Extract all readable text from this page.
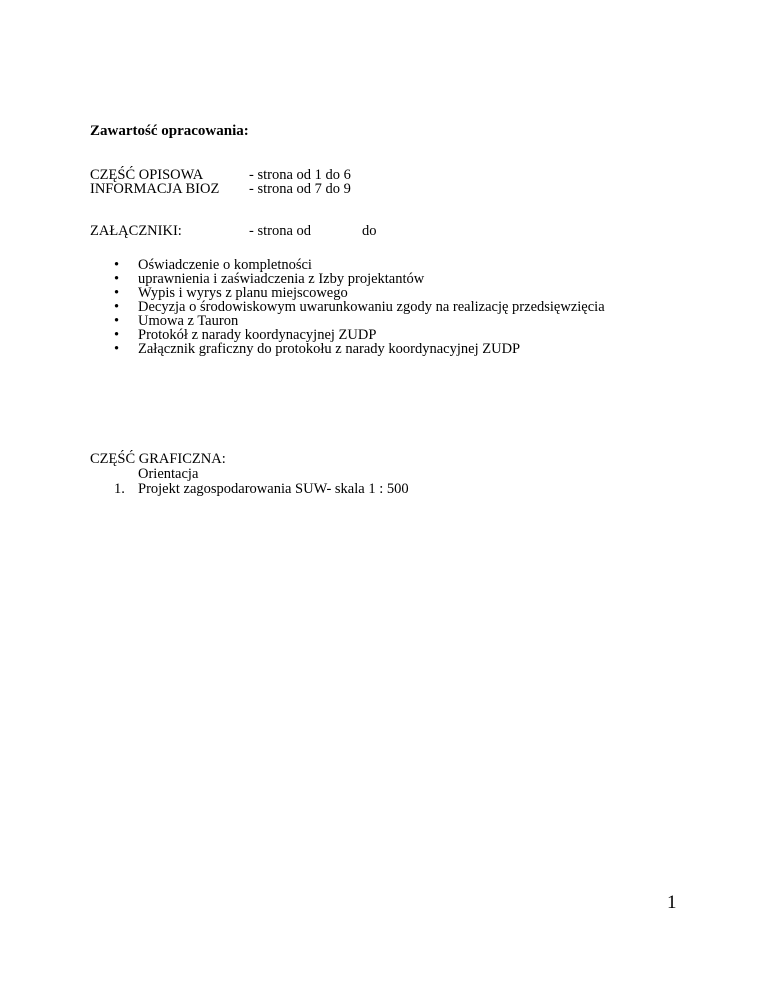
Zawartość opracowania:
CZĘŚĆ OPISOWA	- strona od 1 do 6
INFORMACJA BIOZ - strona od 7 do 9
ZAŁĄCZNIKI:	- strona od	do
• Oświadczenie o kompletności
• uprawnienia i zaświadczenia z Izby projektantów
• Wypis i wyrys z planu miejscowego
• Decyzja o środowiskowym uwarunkowaniu zgody na realizację przedsięwzięcia
• Umowa z Tauron
• Protokół z narady koordynacyjnej ZUDP
• Załącznik graficzny do protokołu z narady koordynacyjnej ZUDP
CZĘŚĆ GRAFICZNA:
Orientacja
1. Projekt zagospodarowania SUW- skala 1 : 500
1
